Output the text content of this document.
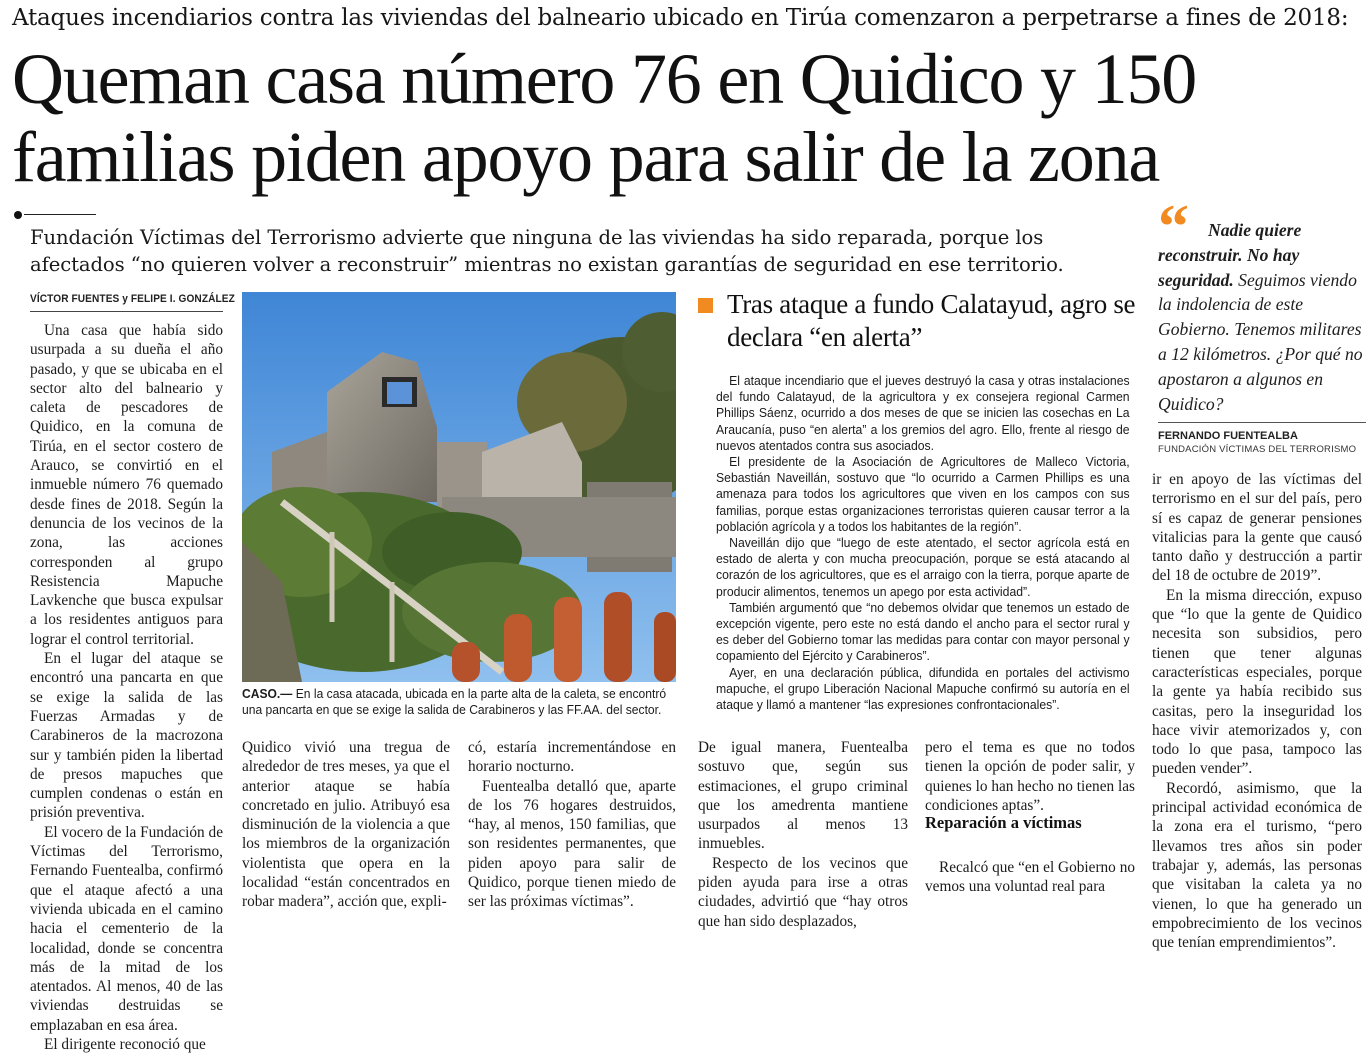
Ataques incendiarios contra las viviendas del balneario ubicado en Tirúa comenzaron a perpetrarse a fines de 2018:
Queman casa número 76 en Quidico y 150
familias piden apoyo para salir de la zona
Fundación Víctimas del Terrorismo advierte que ninguna de las viviendas ha sido reparada, porque los afectados “no quieren volver a reconstruir” mientras no existan garantías de seguridad en ese territorio.
VÍCTOR FUENTES y FELIPE I. GONZÁLEZ

Una casa que había sido usurpada a su dueña el año pasado, y que se ubicaba en el sector alto del balneario y caleta de pescadores de Quidico, en la comuna de Tirúa, en el sector costero de Arauco, se convirtió en el inmueble número 76 quemado desde fines de 2018. Según la denuncia de los vecinos de la zona, las acciones corresponden al grupo Resistencia Mapuche Lavkenche que busca expulsar a los residentes antiguos para lograr el control territorial.

En el lugar del ataque se encontró una pancarta en que se exige la salida de las Fuerzas Armadas y de Carabineros de la macrozona sur y también piden la libertad de presos mapuches que cumplen condenas o están en prisión preventiva.

El vocero de la Fundación de Víctimas del Terrorismo, Fernando Fuentealba, confirmó que el ataque afectó a una vivienda ubicada en el camino hacia el cementerio de la localidad, donde se concentra más de la mitad de los atentados. Al menos, 40 de las viviendas destruidas se emplazaban en esa área.

El dirigente reconoció que

CASO.— En la casa atacada, ubicada en la parte alta de la caleta, se encontró una pancarta en que se exige la salida de Carabineros y las FF.AA. del sector.

Quidico vivió una tregua de alrededor de tres meses, ya que el anterior ataque se había concretado en julio. Atribuyó esa disminución de la violencia a que los miembros de la organización violentista que opera en la localidad “están concentrados en robar madera”, acción que, expli-

có, estaría incrementándose en horario nocturno.

Fuentealba detalló que, aparte de los 76 hogares destruidos, “hay, al menos, 150 familias, que son residentes permanentes, que piden apoyo para salir de Quidico, porque tienen miedo de ser las próximas víctimas”.

Tras ataque a fundo Calatayud, agro se declara “en alerta”

El ataque incendiario que el jueves destruyó la casa y otras instalaciones del fundo Calatayud, de la agricultora y ex consejera regional Carmen Phillips Sáenz, ocurrido a dos meses de que se inicien las cosechas en La Araucanía, puso “en alerta” a los gremios del agro. Ello, frente al riesgo de nuevos atentados contra sus asociados.

El presidente de la Asociación de Agricultores de Malleco Victoria, Sebastián Naveillán, sostuvo que “lo ocurrido a Carmen Phillips es una amenaza para todos los agricultores que viven en los campos con sus familias, porque estas organizaciones terroristas quieren causar terror a la población agrícola y a todos los habitantes de la región”.

Naveillán dijo que “luego de este atentado, el sector agrícola está en estado de alerta y con mucha preocupación, porque se está atacando al corazón de los agricultores, que es el arraigo con la tierra, porque aparte de producir alimentos, tenemos un apego por esta actividad”.

También argumentó que “no debemos olvidar que tenemos un estado de excepción vigente, pero este no está dando el ancho para el sector rural y es deber del Gobierno tomar las medidas para contar con mayor personal y copamiento del Ejército y Carabineros”.

Ayer, en una declaración pública, difundida en portales del activismo mapuche, el grupo Liberación Nacional Mapuche confirmó su autoría en el ataque y llamó a mantener “las expresiones confrontacionales”.

De igual manera, Fuentealba sostuvo que, según sus estimaciones, el grupo criminal que los amedrenta mantiene usurpados al menos 13 inmuebles.

Respecto de los vecinos que piden ayuda para irse a otras ciudades, advirtió que “hay otros que han sido desplazados,

pero el tema es que no todos tienen la opción de poder salir, y quienes lo han hecho no tienen las condiciones aptas”.

Reparación a víctimas

Recalcó que “en el Gobierno no vemos una voluntad real para

“	Nadie quiere reconstruir. No hay seguridad. Seguimos viendo la indolencia de este Gobierno. Tenemos militares a 12 kilómetros. ¿Por qué no apostaron a algunos en Quidico?
FERNANDO FUENTEALBA
FUNDACIÓN VÍCTIMAS DEL TERRORISMO

ir en apoyo de las víctimas del terrorismo en el sur del país, pero sí es capaz de generar pensiones vitalicias para la gente que causó tanto daño y destrucción a partir del 18 de octubre de 2019”.

En la misma dirección, expuso que “lo que la gente de Quidico necesita son subsidios, pero tienen que tener algunas características especiales, porque la gente ya había recibido sus casitas, pero la inseguridad los hace vivir atemorizados y, con todo lo que pasa, tampoco las pueden vender”.

Recordó, asimismo, que la principal actividad económica de la zona era el turismo, “pero llevamos tres años sin poder trabajar y, además, las personas que visitaban la caleta ya no vienen, lo que ha generado un empobrecimiento de los vecinos que tenían emprendimientos”.
